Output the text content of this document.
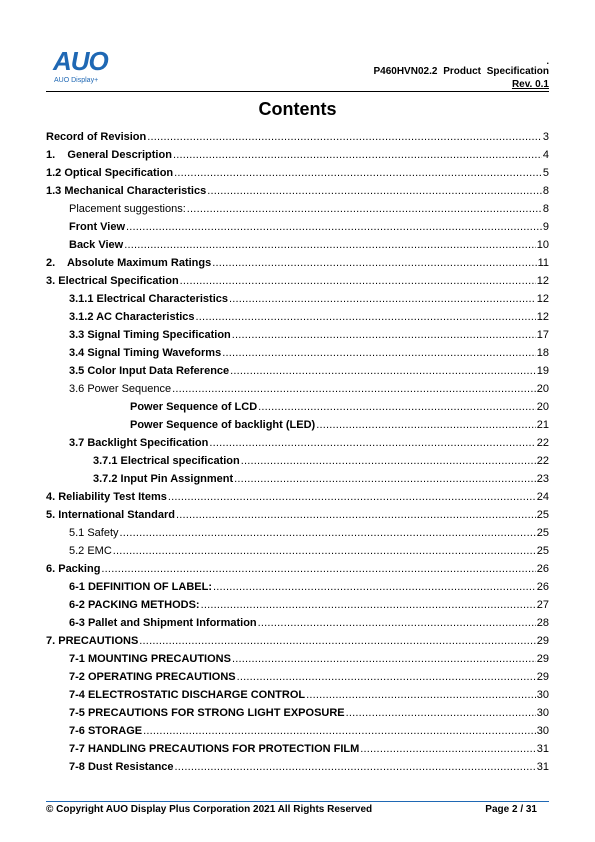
AUO
AUO Display+
.
P460HVN02.2 Product Specification
Rev. 0.1
Contents
Record of Revision .....	3
1.    General Description .....	4
1.2 Optical Specification .....	5
1.3 Mechanical Characteristics .....	8
Placement suggestions: .....	8
Front View .....	9
Back View .....	10
2.    Absolute Maximum Ratings .....	11
3. Electrical Specification .....	12
3.1.1 Electrical Characteristics .....	12
3.1.2 AC Characteristics .....	12
3.3 Signal Timing Specification .....	17
3.4 Signal Timing Waveforms .....	18
3.5 Color Input Data Reference .....	19
3.6 Power Sequence .....	20
Power Sequence of LCD .....	20
Power Sequence of backlight (LED) .....	21
3.7 Backlight Specification .....	22
3.7.1 Electrical specification .....	22
3.7.2 Input Pin Assignment .....	23
4. Reliability Test Items .....	24
5. International Standard .....	25
5.1 Safety .....	25
5.2 EMC .....	25
6. Packing .....	26
6-1 DEFINITION OF LABEL: .....	26
6-2 PACKING METHODS: .....	27
6-3 Pallet and Shipment Information .....	28
7. PRECAUTIONS .....	29
7-1 MOUNTING PRECAUTIONS .....	29
7-2 OPERATING PRECAUTIONS .....	29
7-4 ELECTROSTATIC DISCHARGE CONTROL .....	30
7-5 PRECAUTIONS FOR STRONG LIGHT EXPOSURE .....	30
7-6 STORAGE .....	30
7-7 HANDLING PRECAUTIONS FOR PROTECTION FILM .....	31
7-8 Dust Resistance .....	31
© Copyright AUO Display Plus Corporation 2021 All Rights Reserved	Page 2 / 31
